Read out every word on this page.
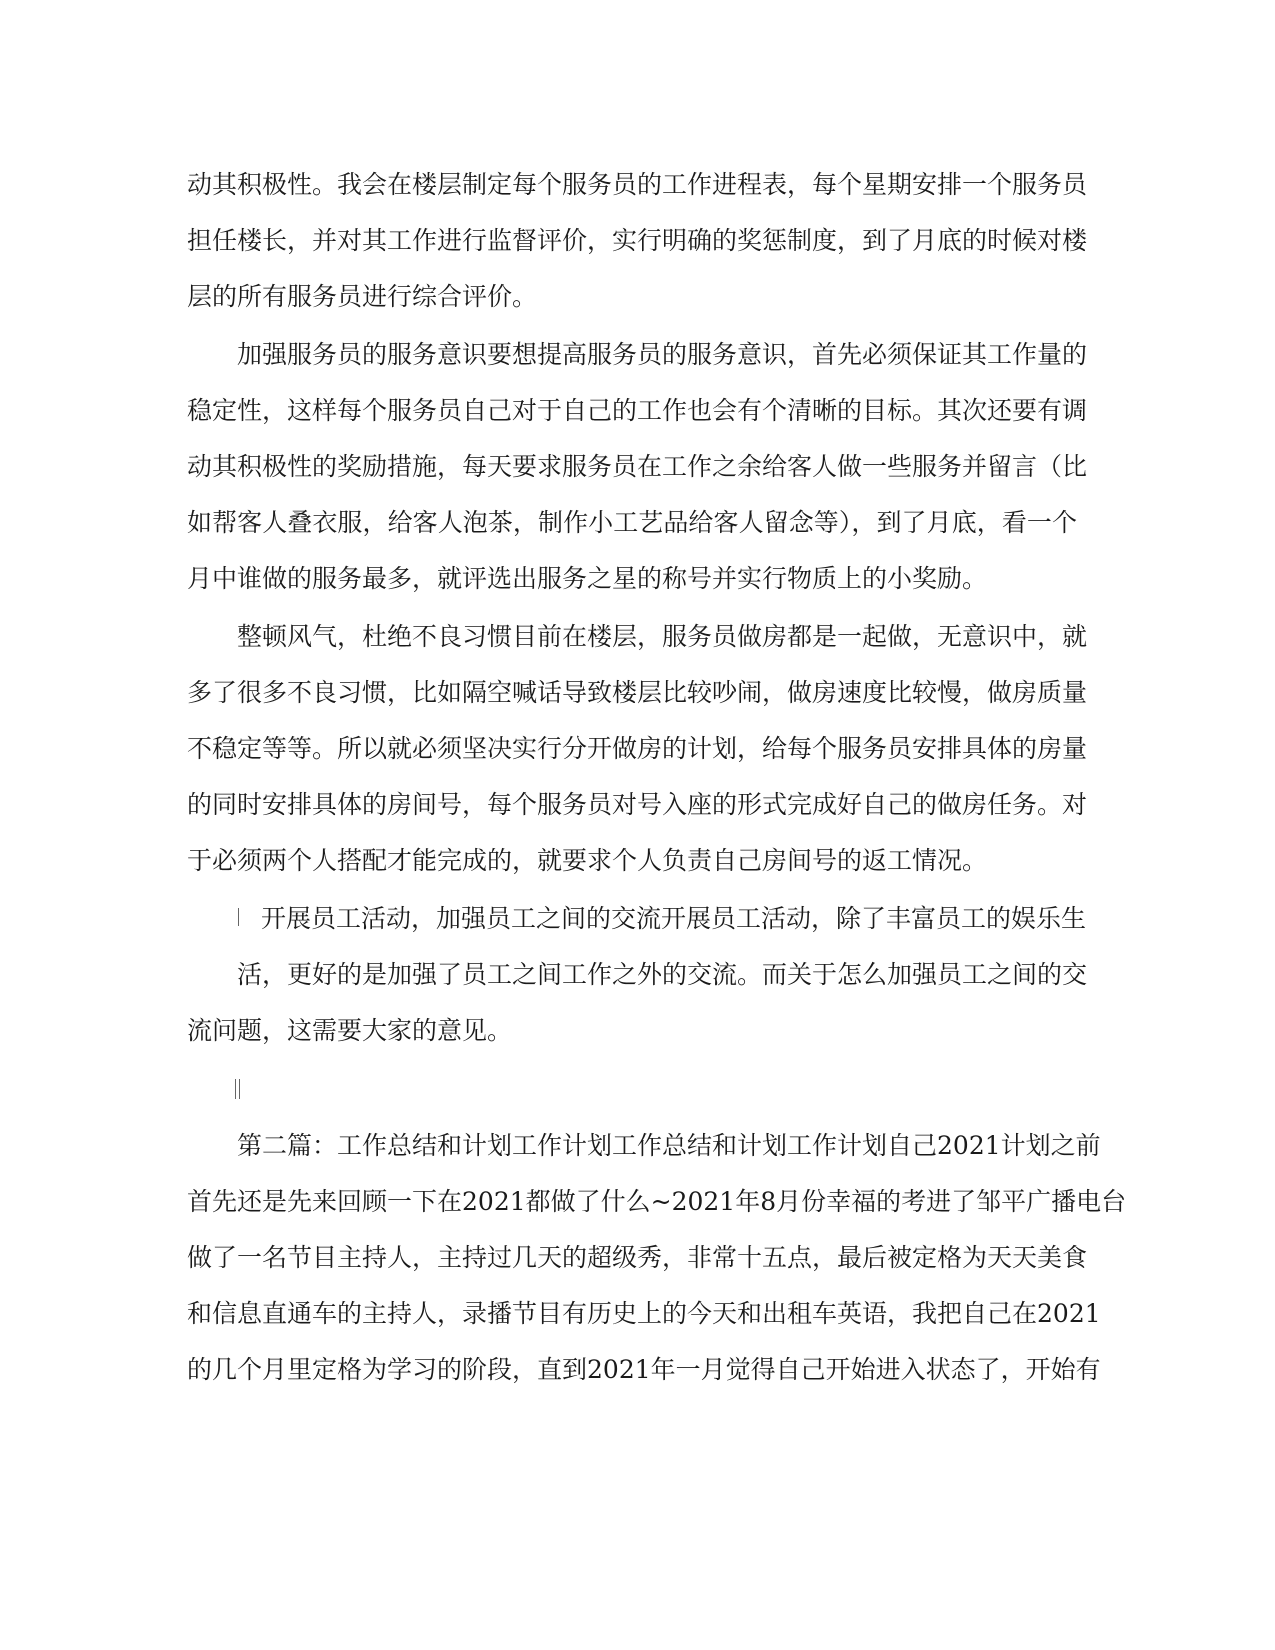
动其积极性。我会在楼层制定每个服务员的工作进程表，每个星期安排一个服务员
担任楼长，并对其工作进行监督评价，实行明确的奖惩制度，到了月底的时候对楼
层的所有服务员进行综合评价。
加强服务员的服务意识要想提高服务员的服务意识，首先必须保证其工作量的
稳定性，这样每个服务员自己对于自己的工作也会有个清晰的目标。其次还要有调
动其积极性的奖励措施，每天要求服务员在工作之余给客人做一些服务并留言（比
如帮客人叠衣服，给客人泡茶，制作小工艺品给客人留念等），到了月底，看一个
月中谁做的服务最多，就评选出服务之星的称号并实行物质上的小奖励。
整顿风气，杜绝不良习惯目前在楼层，服务员做房都是一起做，无意识中，就
多了很多不良习惯，比如隔空喊话导致楼层比较吵闹，做房速度比较慢，做房质量
不稳定等等。所以就必须坚决实行分开做房的计划，给每个服务员安排具体的房量
的同时安排具体的房间号，每个服务员对号入座的形式完成好自己的做房任务。对
于必须两个人搭配才能完成的，就要求个人负责自己房间号的返工情况。
开展员工活动，加强员工之间的交流开展员工活动，除了丰富员工的娱乐生
活，更好的是加强了员工之间工作之外的交流。而关于怎么加强员工之间的交
流问题，这需要大家的意见。
第二篇：工作总结和计划工作计划工作总结和计划工作计划自己2021计划之前
首先还是先来回顾一下在2021都做了什么~2021年8月份幸福的考进了邹平广播电台
做了一名节目主持人，主持过几天的超级秀，非常十五点，最后被定格为天天美食
和信息直通车的主持人，录播节目有历史上的今天和出租车英语，我把自己在2021
的几个月里定格为学习的阶段，直到2021年一月觉得自己开始进入状态了，开始有
